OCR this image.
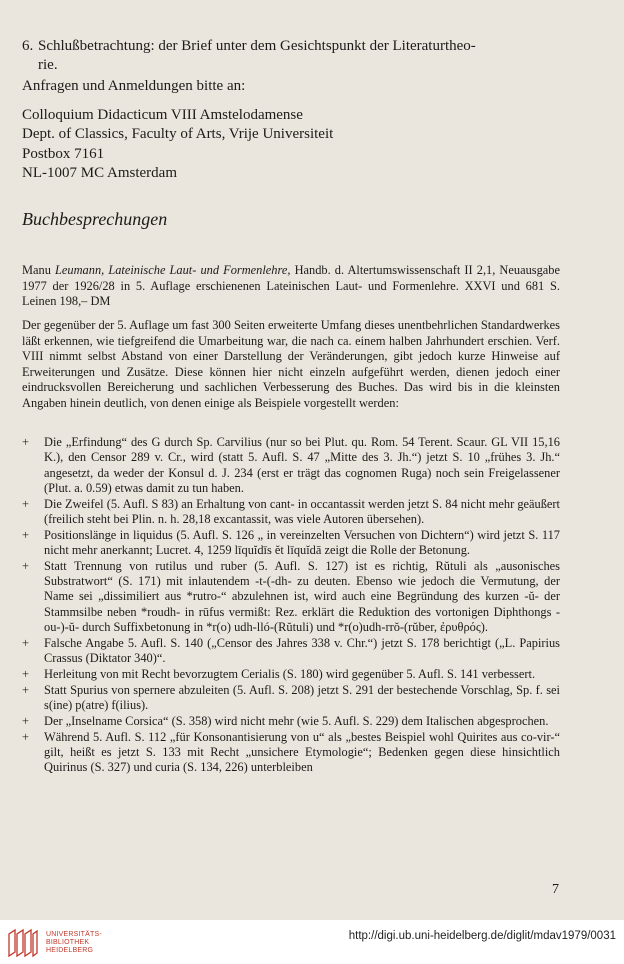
6. Schlußbetrachtung: der Brief unter dem Gesichtspunkt der Literaturtheo-
rie.
Anfragen und Anmeldungen bitte an:
Colloquium Didacticum VIII Amstelodamense
Dept. of Classics, Faculty of Arts, Vrije Universiteit
Postbox 7161
NL-1007 MC Amsterdam
Buchbesprechungen
Manu Leumann, Lateinische Laut- und Formenlehre, Handb. d. Altertumswissenschaft II 2,1, Neuausgabe 1977 der 1926/28 in 5. Auflage erschienenen Lateinischen Laut- und Formenlehre. XXVI und 681 S. Leinen 198,– DM
Der gegenüber der 5. Auflage um fast 300 Seiten erweiterte Umfang dieses unentbehrlichen Standardwerkes läßt erkennen, wie tiefgreifend die Umarbeitung war, die nach ca. einem halben Jahrhundert erschien. Verf. VIII nimmt selbst Abstand von einer Darstellung der Veränderungen, gibt jedoch kurze Hinweise auf Erweiterungen und Zusätze. Diese können hier nicht einzeln aufgeführt werden, dienen jedoch einer eindrucksvollen Bereicherung und sachlichen Verbesserung des Buches. Das wird bis in die kleinsten Angaben hinein deutlich, von denen einige als Beispiele vorgestellt werden:
+	Die „Erfindung“ des G durch Sp. Carvilius (nur so bei Plut. qu. Rom. 54 Terent. Scaur. GL VII 15,16 K.), den Censor 289 v. Cr., wird (statt 5. Aufl. S. 47 „Mitte des 3. Jh.“) jetzt S. 10 „frühes 3. Jh.“ angesetzt, da weder der Konsul d. J. 234 (erst er trägt das cognomen Ruga) noch sein Freigelassener (Plut. a. 0.59) etwas damit zu tun haben.
+	Die Zweifel (5. Aufl. S 83) an Erhaltung von cant- in occantassit werden jetzt S. 84 nicht mehr geäußert (freilich steht bei Plin. n. h. 28,18 excantassit, was viele Autoren übersehen).
+	Positionslänge in liquidus (5. Aufl. S. 126 „ in vereinzelten Versuchen von Dichtern“) wird jetzt S. 117 nicht mehr anerkannt; Lucret. 4, 1259 līquĭdīs ĕt līquĭdā zeigt die Rolle der Betonung.
+	Statt Trennung von rutilus und ruber (5. Aufl. S. 127) ist es richtig, Rŭtuli als „ausonisches Substratwort“ (S. 171) mit inlautendem -t-(-dh- zu deuten. Ebenso wie jedoch die Vermutung, der Name sei „dissimiliert aus *rutro-“ abzulehnen ist, wird auch eine Begründung des kurzen -ŭ- der Stammsilbe neben *roudh- in rūfus vermißt: Rez. erklärt die Reduktion des vortonigen Diphthongs -ou-)-ŭ- durch Suffixbetonung in *r(o) udh-lló-(Rŭtuli) und *r(o)udh-rrŏ-(rŭber, ἐρυθρός).
+	Falsche Angabe 5. Aufl. S. 140 („Censor des Jahres 338 v. Chr.“) jetzt S. 178 berichtigt („L. Papirius Crassus (Diktator 340)“.
+	Herleitung von mit Recht bevorzugtem Cerialis (S. 180) wird gegenüber 5. Aufl. S. 141 verbessert.
+	Statt Spurius von spernere abzuleiten (5. Aufl. S. 208) jetzt S. 291 der bestechende Vorschlag, Sp. f. sei s(ine) p(atre) f(ilius).
+	Der „Inselname Corsica“ (S. 358) wird nicht mehr (wie 5. Aufl. S. 229) dem Italischen abgesprochen.
+	Während 5. Aufl. S. 112 „für Konsonantisierung von u“ als „bestes Beispiel wohl Quirites aus co-vir-“ gilt, heißt es jetzt S. 133 mit Recht „unsichere Etymologie“; Bedenken gegen diese hinsichtlich Quirinus (S. 327) und curia (S. 134, 226) unterbleiben
7
UNIVERSITÄTS-
BIBLIOTHEK
HEIDELBERG
http://digi.ub.uni-heidelberg.de/diglit/mdav1979/0031
